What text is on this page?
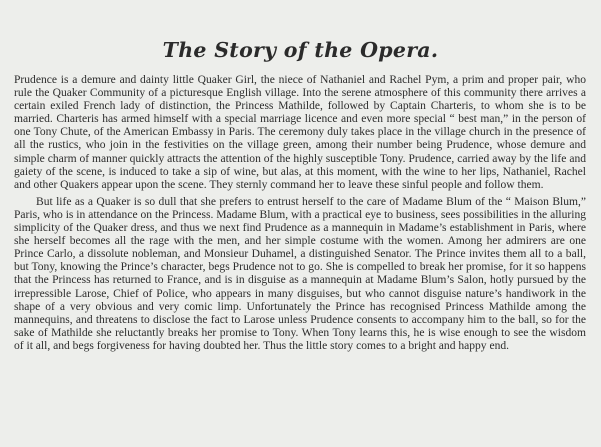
The Story of the Opera.

Prudence is a demure and dainty little Quaker Girl, the niece of Nathaniel and Rachel Pym, a prim and proper pair, who rule the Quaker Community of a picturesque English village. Into the serene atmosphere of this community there arrives a certain exiled French lady of distinction, the Princess Mathilde, followed by Captain Charteris, to whom she is to be married. Charteris has armed himself with a special marriage licence and even more special “ best man,” in the person of one Tony Chute, of the American Embassy in Paris. The ceremony duly takes place in the village church in the presence of all the rustics, who join in the festivities on the village green, among their number being Prudence, whose demure and simple charm of manner quickly attracts the attention of the highly susceptible Tony. Prudence, carried away by the life and gaiety of the scene, is induced to take a sip of wine, but alas, at this moment, with the wine to her lips, Nathaniel, Rachel and other Quakers appear upon the scene. They sternly command her to leave these sinful people and follow them.

But life as a Quaker is so dull that she prefers to entrust herself to the care of Madame Blum of the “ Maison Blum,” Paris, who is in attendance on the Princess. Madame Blum, with a practical eye to business, sees possibilities in the alluring simplicity of the Quaker dress, and thus we next find Prudence as a mannequin in Madame’s establishment in Paris, where she herself becomes all the rage with the men, and her simple costume with the women. Among her admirers are one Prince Carlo, a dissolute nobleman, and Monsieur Duhamel, a distinguished Senator. The Prince invites them all to a ball, but Tony, knowing the Prince’s character, begs Prudence not to go. She is compelled to break her promise, for it so happens that the Princess has returned to France, and is in disguise as a mannequin at Madame Blum’s Salon, hotly pursued by the irrepressible Larose, Chief of Police, who appears in many disguises, but who cannot disguise nature’s handiwork in the shape of a very obvious and very comic limp. Unfortunately the Prince has recognised Princess Mathilde among the mannequins, and threatens to disclose the fact to Larose unless Prudence consents to accompany him to the ball, so for the sake of Mathilde she reluctantly breaks her promise to Tony. When Tony learns this, he is wise enough to see the wisdom of it all, and begs forgiveness for having doubted her. Thus the little story comes to a bright and happy end.
